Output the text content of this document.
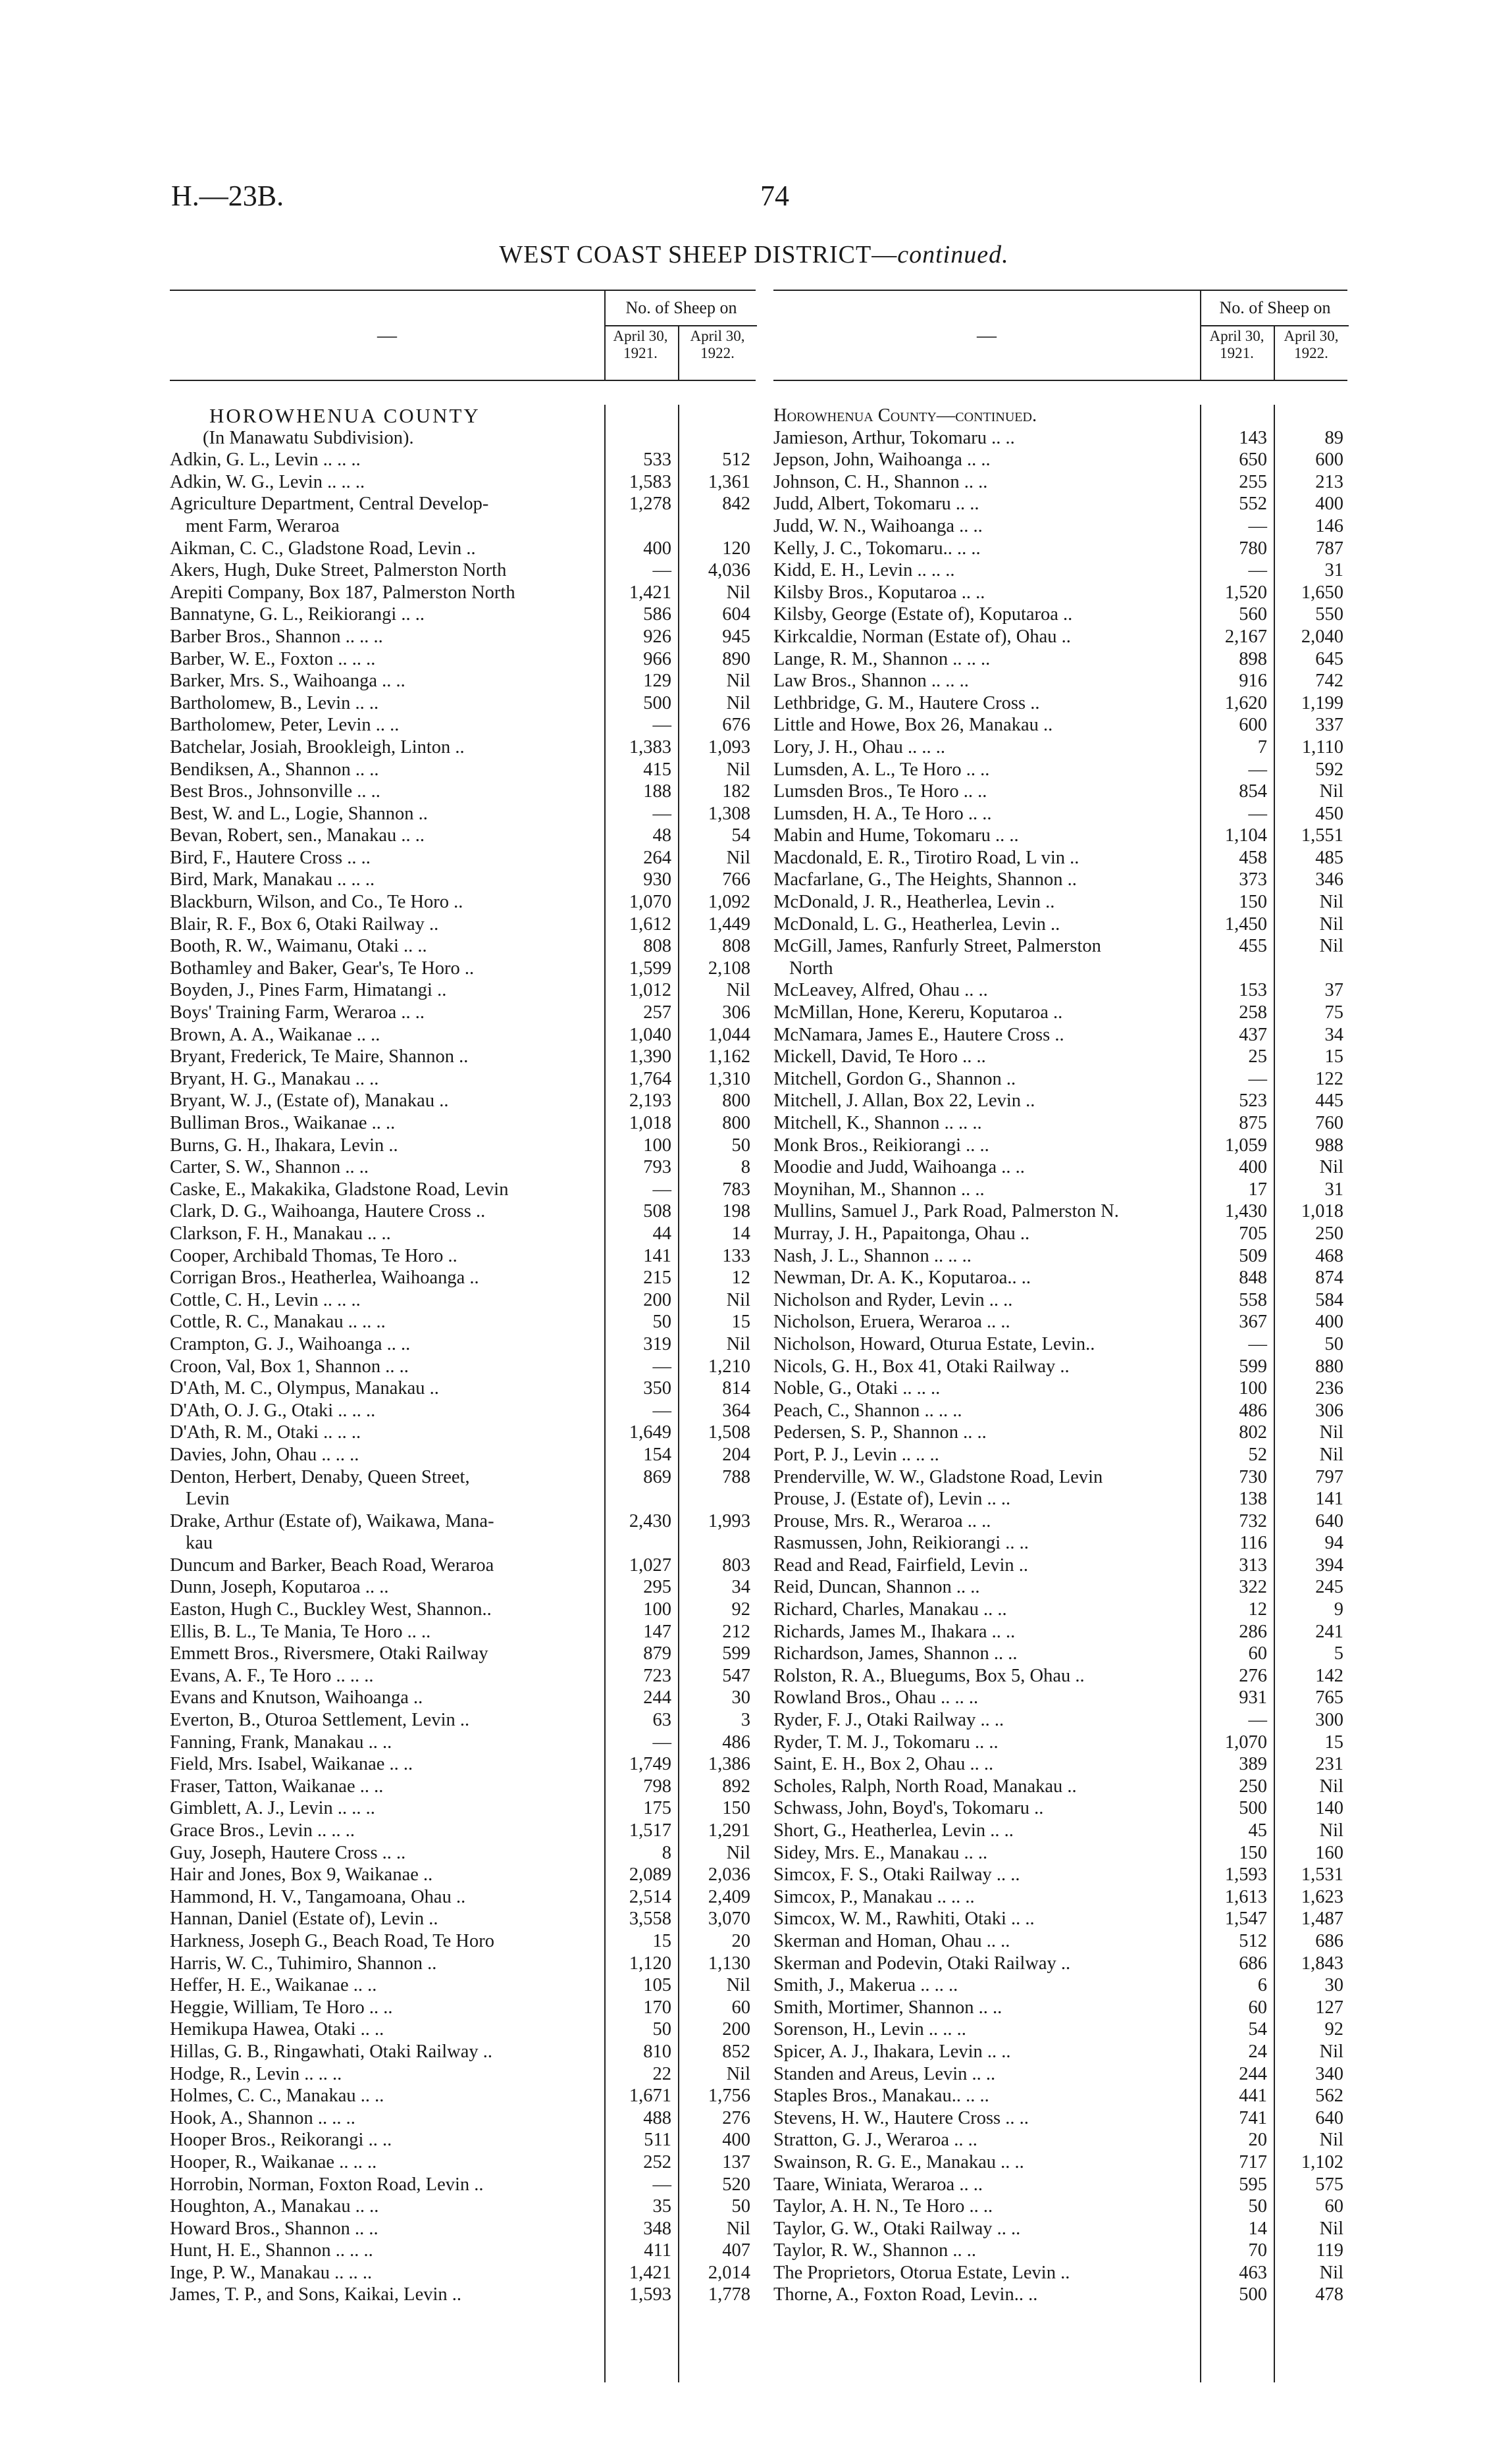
H.—23B.	74
WEST COAST SHEEP DISTRICT—continued.
—
No. of Sheep on
April 30, 1921.
April 30, 1922.
HOROWHENUA COUNTY
(In Manawatu Subdivision).
Adkin, G. L., Levin .. .. ..	533	512
Adkin, W. G., Levin .. .. ..	1,583	1,361
Agriculture Department, Central Develop-	1,278	842
ment Farm, Weraroa
Aikman, C. C., Gladstone Road, Levin ..	400	120
Akers, Hugh, Duke Street, Palmerston North	—	4,036
Arepiti Company, Box 187, Palmerston North	1,421	Nil
Bannatyne, G. L., Reikiorangi .. ..	586	604
Barber Bros., Shannon .. .. ..	926	945
Barber, W. E., Foxton .. .. ..	966	890
Barker, Mrs. S., Waihoanga .. ..	129	Nil
Bartholomew, B., Levin .. ..	500	Nil
Bartholomew, Peter, Levin .. ..	—	676
Batchelar, Josiah, Brookleigh, Linton ..	1,383	1,093
Bendiksen, A., Shannon .. ..	415	Nil
Best Bros., Johnsonville .. ..	188	182
Best, W. and L., Logie, Shannon ..	—	1,308
Bevan, Robert, sen., Manakau .. ..	48	54
Bird, F., Hautere Cross .. ..	264	Nil
Bird, Mark, Manakau .. .. ..	930	766
Blackburn, Wilson, and Co., Te Horo ..	1,070	1,092
Blair, R. F., Box 6, Otaki Railway ..	1,612	1,449
Booth, R. W., Waimanu, Otaki .. ..	808	808
Bothamley and Baker, Gear's, Te Horo ..	1,599	2,108
Boyden, J., Pines Farm, Himatangi ..	1,012	Nil
Boys' Training Farm, Weraroa .. ..	257	306
Brown, A. A., Waikanae .. ..	1,040	1,044
Bryant, Frederick, Te Maire, Shannon ..	1,390	1,162
Bryant, H. G., Manakau .. ..	1,764	1,310
Bryant, W. J., (Estate of), Manakau ..	2,193	800
Bulliman Bros., Waikanae .. ..	1,018	800
Burns, G. H., Ihakara, Levin ..	100	50
Carter, S. W., Shannon .. ..	793	8
Caske, E., Makakika, Gladstone Road, Levin	—	783
Clark, D. G., Waihoanga, Hautere Cross ..	508	198
Clarkson, F. H., Manakau .. ..	44	14
Cooper, Archibald Thomas, Te Horo ..	141	133
Corrigan Bros., Heatherlea, Waihoanga ..	215	12
Cottle, C. H., Levin .. .. ..	200	Nil
Cottle, R. C., Manakau .. .. ..	50	15
Crampton, G. J., Waihoanga .. ..	319	Nil
Croon, Val, Box 1, Shannon .. ..	—	1,210
D'Ath, M. C., Olympus, Manakau ..	350	814
D'Ath, O. J. G., Otaki .. .. ..	—	364
D'Ath, R. M., Otaki .. .. ..	1,649	1,508
Davies, John, Ohau .. .. ..	154	204
Denton, Herbert, Denaby, Queen Street,	869	788
Levin
Drake, Arthur (Estate of), Waikawa, Mana-	2,430	1,993
kau
Duncum and Barker, Beach Road, Weraroa	1,027	803
Dunn, Joseph, Koputaroa .. ..	295	34
Easton, Hugh C., Buckley West, Shannon..	100	92
Ellis, B. L., Te Mania, Te Horo .. ..	147	212
Emmett Bros., Riversmere, Otaki Railway	879	599
Evans, A. F., Te Horo .. .. ..	723	547
Evans and Knutson, Waihoanga ..	244	30
Everton, B., Oturoa Settlement, Levin ..	63	3
Fanning, Frank, Manakau .. ..	—	486
Field, Mrs. Isabel, Waikanae .. ..	1,749	1,386
Fraser, Tatton, Waikanae .. ..	798	892
Gimblett, A. J., Levin .. .. ..	175	150
Grace Bros., Levin .. .. ..	1,517	1,291
Guy, Joseph, Hautere Cross .. ..	8	Nil
Hair and Jones, Box 9, Waikanae ..	2,089	2,036
Hammond, H. V., Tangamoana, Ohau ..	2,514	2,409
Hannan, Daniel (Estate of), Levin ..	3,558	3,070
Harkness, Joseph G., Beach Road, Te Horo	15	20
Harris, W. C., Tuhimiro, Shannon ..	1,120	1,130
Heffer, H. E., Waikanae .. ..	105	Nil
Heggie, William, Te Horo .. ..	170	60
Hemikupa Hawea, Otaki .. ..	50	200
Hillas, G. B., Ringawhati, Otaki Railway ..	810	852
Hodge, R., Levin .. .. ..	22	Nil
Holmes, C. C., Manakau .. ..	1,671	1,756
Hook, A., Shannon .. .. ..	488	276
Hooper Bros., Reikorangi .. ..	511	400
Hooper, R., Waikanae .. .. ..	252	137
Horrobin, Norman, Foxton Road, Levin ..	—	520
Houghton, A., Manakau .. ..	35	50
Howard Bros., Shannon .. ..	348	Nil
Hunt, H. E., Shannon .. .. ..	411	407
Inge, P. W., Manakau .. .. ..	1,421	2,014
James, T. P., and Sons, Kaikai, Levin ..	1,593	1,778
—
No. of Sheep on
April 30, 1921.
April 30, 1922.
Horowhenua County—continued.
Jamieson, Arthur, Tokomaru .. ..	143	89
Jepson, John, Waihoanga .. ..	650	600
Johnson, C. H., Shannon .. ..	255	213
Judd, Albert, Tokomaru .. ..	552	400
Judd, W. N., Waihoanga .. ..	—	146
Kelly, J. C., Tokomaru.. .. ..	780	787
Kidd, E. H., Levin .. .. ..	—	31
Kilsby Bros., Koputaroa .. ..	1,520	1,650
Kilsby, George (Estate of), Koputaroa ..	560	550
Kirkcaldie, Norman (Estate of), Ohau ..	2,167	2,040
Lange, R. M., Shannon .. .. ..	898	645
Law Bros., Shannon .. .. ..	916	742
Lethbridge, G. M., Hautere Cross ..	1,620	1,199
Little and Howe, Box 26, Manakau ..	600	337
Lory, J. H., Ohau .. .. ..	7	1,110
Lumsden, A. L., Te Horo .. ..	—	592
Lumsden Bros., Te Horo .. ..	854	Nil
Lumsden, H. A., Te Horo .. ..	—	450
Mabin and Hume, Tokomaru .. ..	1,104	1,551
Macdonald, E. R., Tirotiro Road, L vin ..	458	485
Macfarlane, G., The Heights, Shannon ..	373	346
McDonald, J. R., Heatherlea, Levin ..	150	Nil
McDonald, L. G., Heatherlea, Levin ..	1,450	Nil
McGill, James, Ranfurly Street, Palmerston	455	Nil
North
McLeavey, Alfred, Ohau .. ..	153	37
McMillan, Hone, Kereru, Koputaroa ..	258	75
McNamara, James E., Hautere Cross ..	437	34
Mickell, David, Te Horo .. ..	25	15
Mitchell, Gordon G., Shannon ..	—	122
Mitchell, J. Allan, Box 22, Levin ..	523	445
Mitchell, K., Shannon .. .. ..	875	760
Monk Bros., Reikiorangi .. ..	1,059	988
Moodie and Judd, Waihoanga .. ..	400	Nil
Moynihan, M., Shannon .. ..	17	31
Mullins, Samuel J., Park Road, Palmerston N.	1,430	1,018
Murray, J. H., Papaitonga, Ohau ..	705	250
Nash, J. L., Shannon .. .. ..	509	468
Newman, Dr. A. K., Koputaroa.. ..	848	874
Nicholson and Ryder, Levin .. ..	558	584
Nicholson, Eruera, Weraroa .. ..	367	400
Nicholson, Howard, Oturua Estate, Levin..	—	50
Nicols, G. H., Box 41, Otaki Railway ..	599	880
Noble, G., Otaki .. .. ..	100	236
Peach, C., Shannon .. .. ..	486	306
Pedersen, S. P., Shannon .. ..	802	Nil
Port, P. J., Levin .. .. ..	52	Nil
Prenderville, W. W., Gladstone Road, Levin	730	797
Prouse, J. (Estate of), Levin .. ..	138	141
Prouse, Mrs. R., Weraroa .. ..	732	640
Rasmussen, John, Reikiorangi .. ..	116	94
Read and Read, Fairfield, Levin ..	313	394
Reid, Duncan, Shannon .. ..	322	245
Richard, Charles, Manakau .. ..	12	9
Richards, James M., Ihakara .. ..	286	241
Richardson, James, Shannon .. ..	60	5
Rolston, R. A., Bluegums, Box 5, Ohau ..	276	142
Rowland Bros., Ohau .. .. ..	931	765
Ryder, F. J., Otaki Railway .. ..	—	300
Ryder, T. M. J., Tokomaru .. ..	1,070	15
Saint, E. H., Box 2, Ohau .. ..	389	231
Scholes, Ralph, North Road, Manakau ..	250	Nil
Schwass, John, Boyd's, Tokomaru ..	500	140
Short, G., Heatherlea, Levin .. ..	45	Nil
Sidey, Mrs. E., Manakau .. ..	150	160
Simcox, F. S., Otaki Railway .. ..	1,593	1,531
Simcox, P., Manakau .. .. ..	1,613	1,623
Simcox, W. M., Rawhiti, Otaki .. ..	1,547	1,487
Skerman and Homan, Ohau .. ..	512	686
Skerman and Podevin, Otaki Railway ..	686	1,843
Smith, J., Makerua .. .. ..	6	30
Smith, Mortimer, Shannon .. ..	60	127
Sorenson, H., Levin .. .. ..	54	92
Spicer, A. J., Ihakara, Levin .. ..	24	Nil
Standen and Areus, Levin .. ..	244	340
Staples Bros., Manakau.. .. ..	441	562
Stevens, H. W., Hautere Cross .. ..	741	640
Stratton, G. J., Weraroa .. ..	20	Nil
Swainson, R. G. E., Manakau .. ..	717	1,102
Taare, Winiata, Weraroa .. ..	595	575
Taylor, A. H. N., Te Horo .. ..	50	60
Taylor, G. W., Otaki Railway .. ..	14	Nil
Taylor, R. W., Shannon .. ..	70	119
The Proprietors, Otorua Estate, Levin ..	463	Nil
Thorne, A., Foxton Road, Levin.. ..	500	478
